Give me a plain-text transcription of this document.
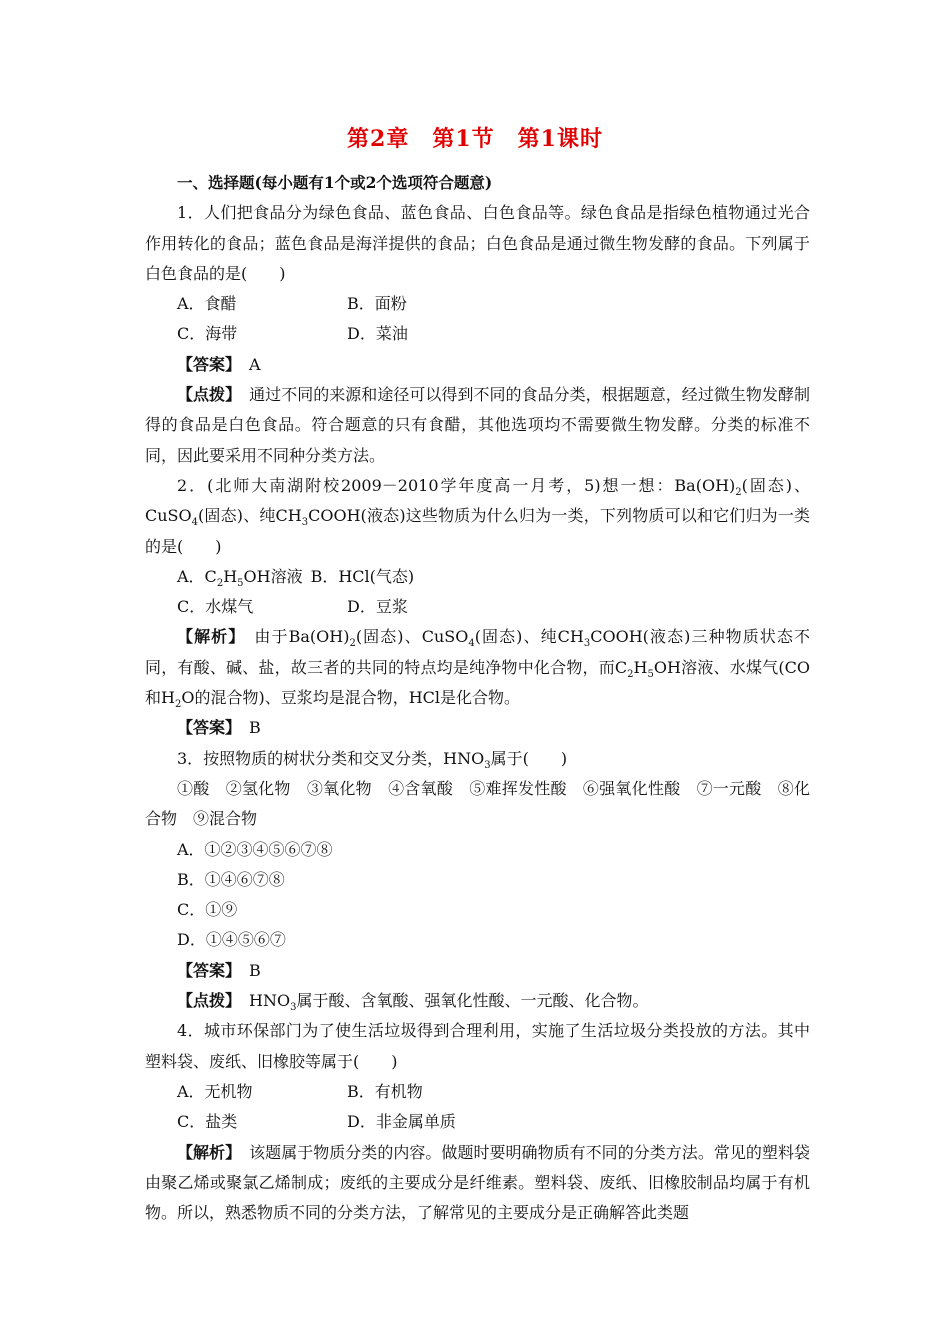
第2章　第1节　第1课时

一、选择题(每小题有1个或2个选项符合题意)

1．人们把食品分为绿色食品、蓝色食品、白色食品等。绿色食品是指绿色植物通过光合作用转化的食品；蓝色食品是海洋提供的食品；白色食品是通过微生物发酵的食品。下列属于白色食品的是(　　)

A．食醋	B．面粉
C．海带	D．菜油

【答案】　 A

【点拨】　 通过不同的来源和途径可以得到不同的食品分类，根据题意，经过微生物发酵制得的食品是白色食品。符合题意的只有食醋，其他选项均不需要微生物发酵。分类的标准不同，因此要采用不同种分类方法。

2．(北师大南湖附校2009－2010学年度高一月考，5)想一想：$Ba(OH)_2$(固态)、CuSO$_4$(固态)、纯$CH_3COOH$(液态)这些物质为什么归为一类，下列物质可以和它们归为一类的是(　　)

A．$C_2H_5OH$溶液 B．HCl(气态)
C．水煤气	D．豆浆

【解析】　 由于$Ba(OH)_2$(固态)、CuSO$_4$(固态)、纯$CH_3COOH$(液态)三种物质状态不同，有酸、碱、盐，故三者的共同的特点均是纯净物中化合物，而$C_2H_5OH$溶液、水煤气(CO和$H_2O$的混合物)、豆浆均是混合物，HCl是化合物。

【答案】　 B

3．按照物质的树状分类和交叉分类，$HNO_3$属于(　　)

①酸　②氢化物　③氧化物　④含氧酸　⑤难挥发性酸　⑥强氧化性酸　⑦一元酸　⑧化合物　⑨混合物

A．①②③④⑤⑥⑦⑧

B．①④⑥⑦⑧

C．①⑨

D．①④⑤⑥⑦

【答案】　 B

【点拨】　 $HNO_3$属于酸、含氧酸、强氧化性酸、一元酸、化合物。

4．城市环保部门为了使生活垃圾得到合理利用，实施了生活垃圾分类投放的方法。其中塑料袋、废纸、旧橡胶等属于(　　)

A．无机物	B．有机物
C．盐类	D．非金属单质

【解析】　 该题属于物质分类的内容。做题时要明确物质有不同的分类方法。常见的塑料袋由聚乙烯或聚氯乙烯制成；废纸的主要成分是纤维素。塑料袋、废纸、旧橡胶制品均属于有机物。所以，熟悉物质不同的分类方法，了解常见的主要成分是正确解答此类题
